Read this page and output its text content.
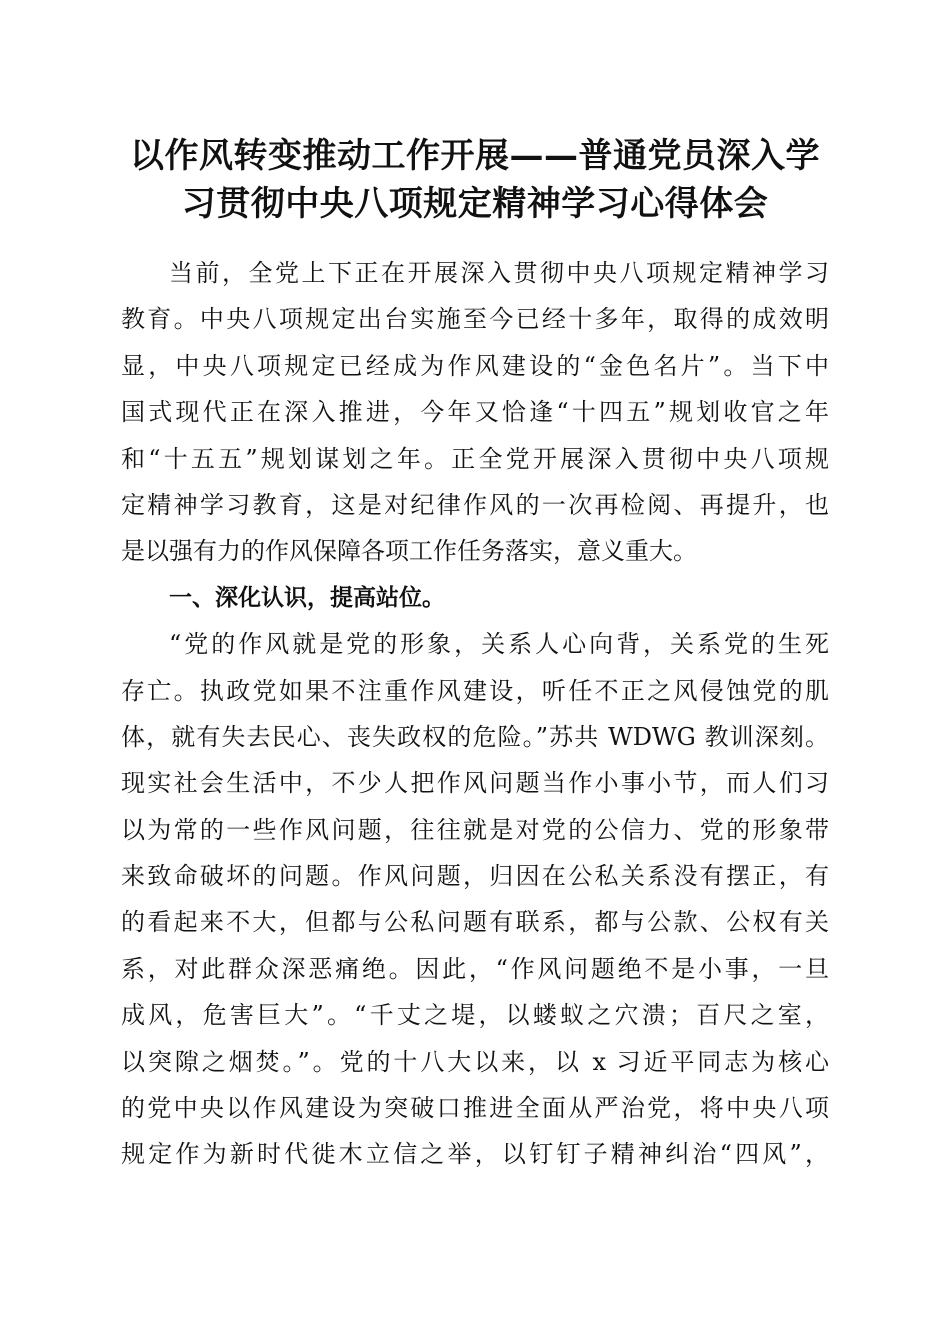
以作风转变推动工作开展——普通党员深入学
习贯彻中央八项规定精神学习心得体会
当前，全党上下正在开展深入贯彻中央八项规定精神学习
教育。中央八项规定出台实施至今已经十多年，取得的成效明
显，中央八项规定已经成为作风建设的“金色名片”。当下中
国式现代正在深入推进，今年又恰逢“十四五”规划收官之年
和“十五五”规划谋划之年。正全党开展深入贯彻中央八项规
定精神学习教育，这是对纪律作风的一次再检阅、再提升，也
是以强有力的作风保障各项工作任务落实，意义重大。
一、深化认识，提高站位。
“党的作风就是党的形象，关系人心向背，关系党的生死
存亡。执政党如果不注重作风建设，听任不正之风侵蚀党的肌
体，就有失去民心、丧失政权的危险。”苏共 WDWG 教训深刻。
现实社会生活中，不少人把作风问题当作小事小节，而人们习
以为常的一些作风问题，往往就是对党的公信力、党的形象带
来致命破坏的问题。作风问题，归因在公私关系没有摆正，有
的看起来不大，但都与公私问题有联系，都与公款、公权有关
系，对此群众深恶痛绝。因此，“作风问题绝不是小事，一旦
成风，危害巨大”。“千丈之堤，以蝼蚁之穴溃；百尺之室，
以突隙之烟焚。”。党的十八大以来，以 x 习近平同志为核心
的党中央以作风建设为突破口推进全面从严治党，将中央八项
规定作为新时代徙木立信之举，以钉钉子精神纠治“四风”，
